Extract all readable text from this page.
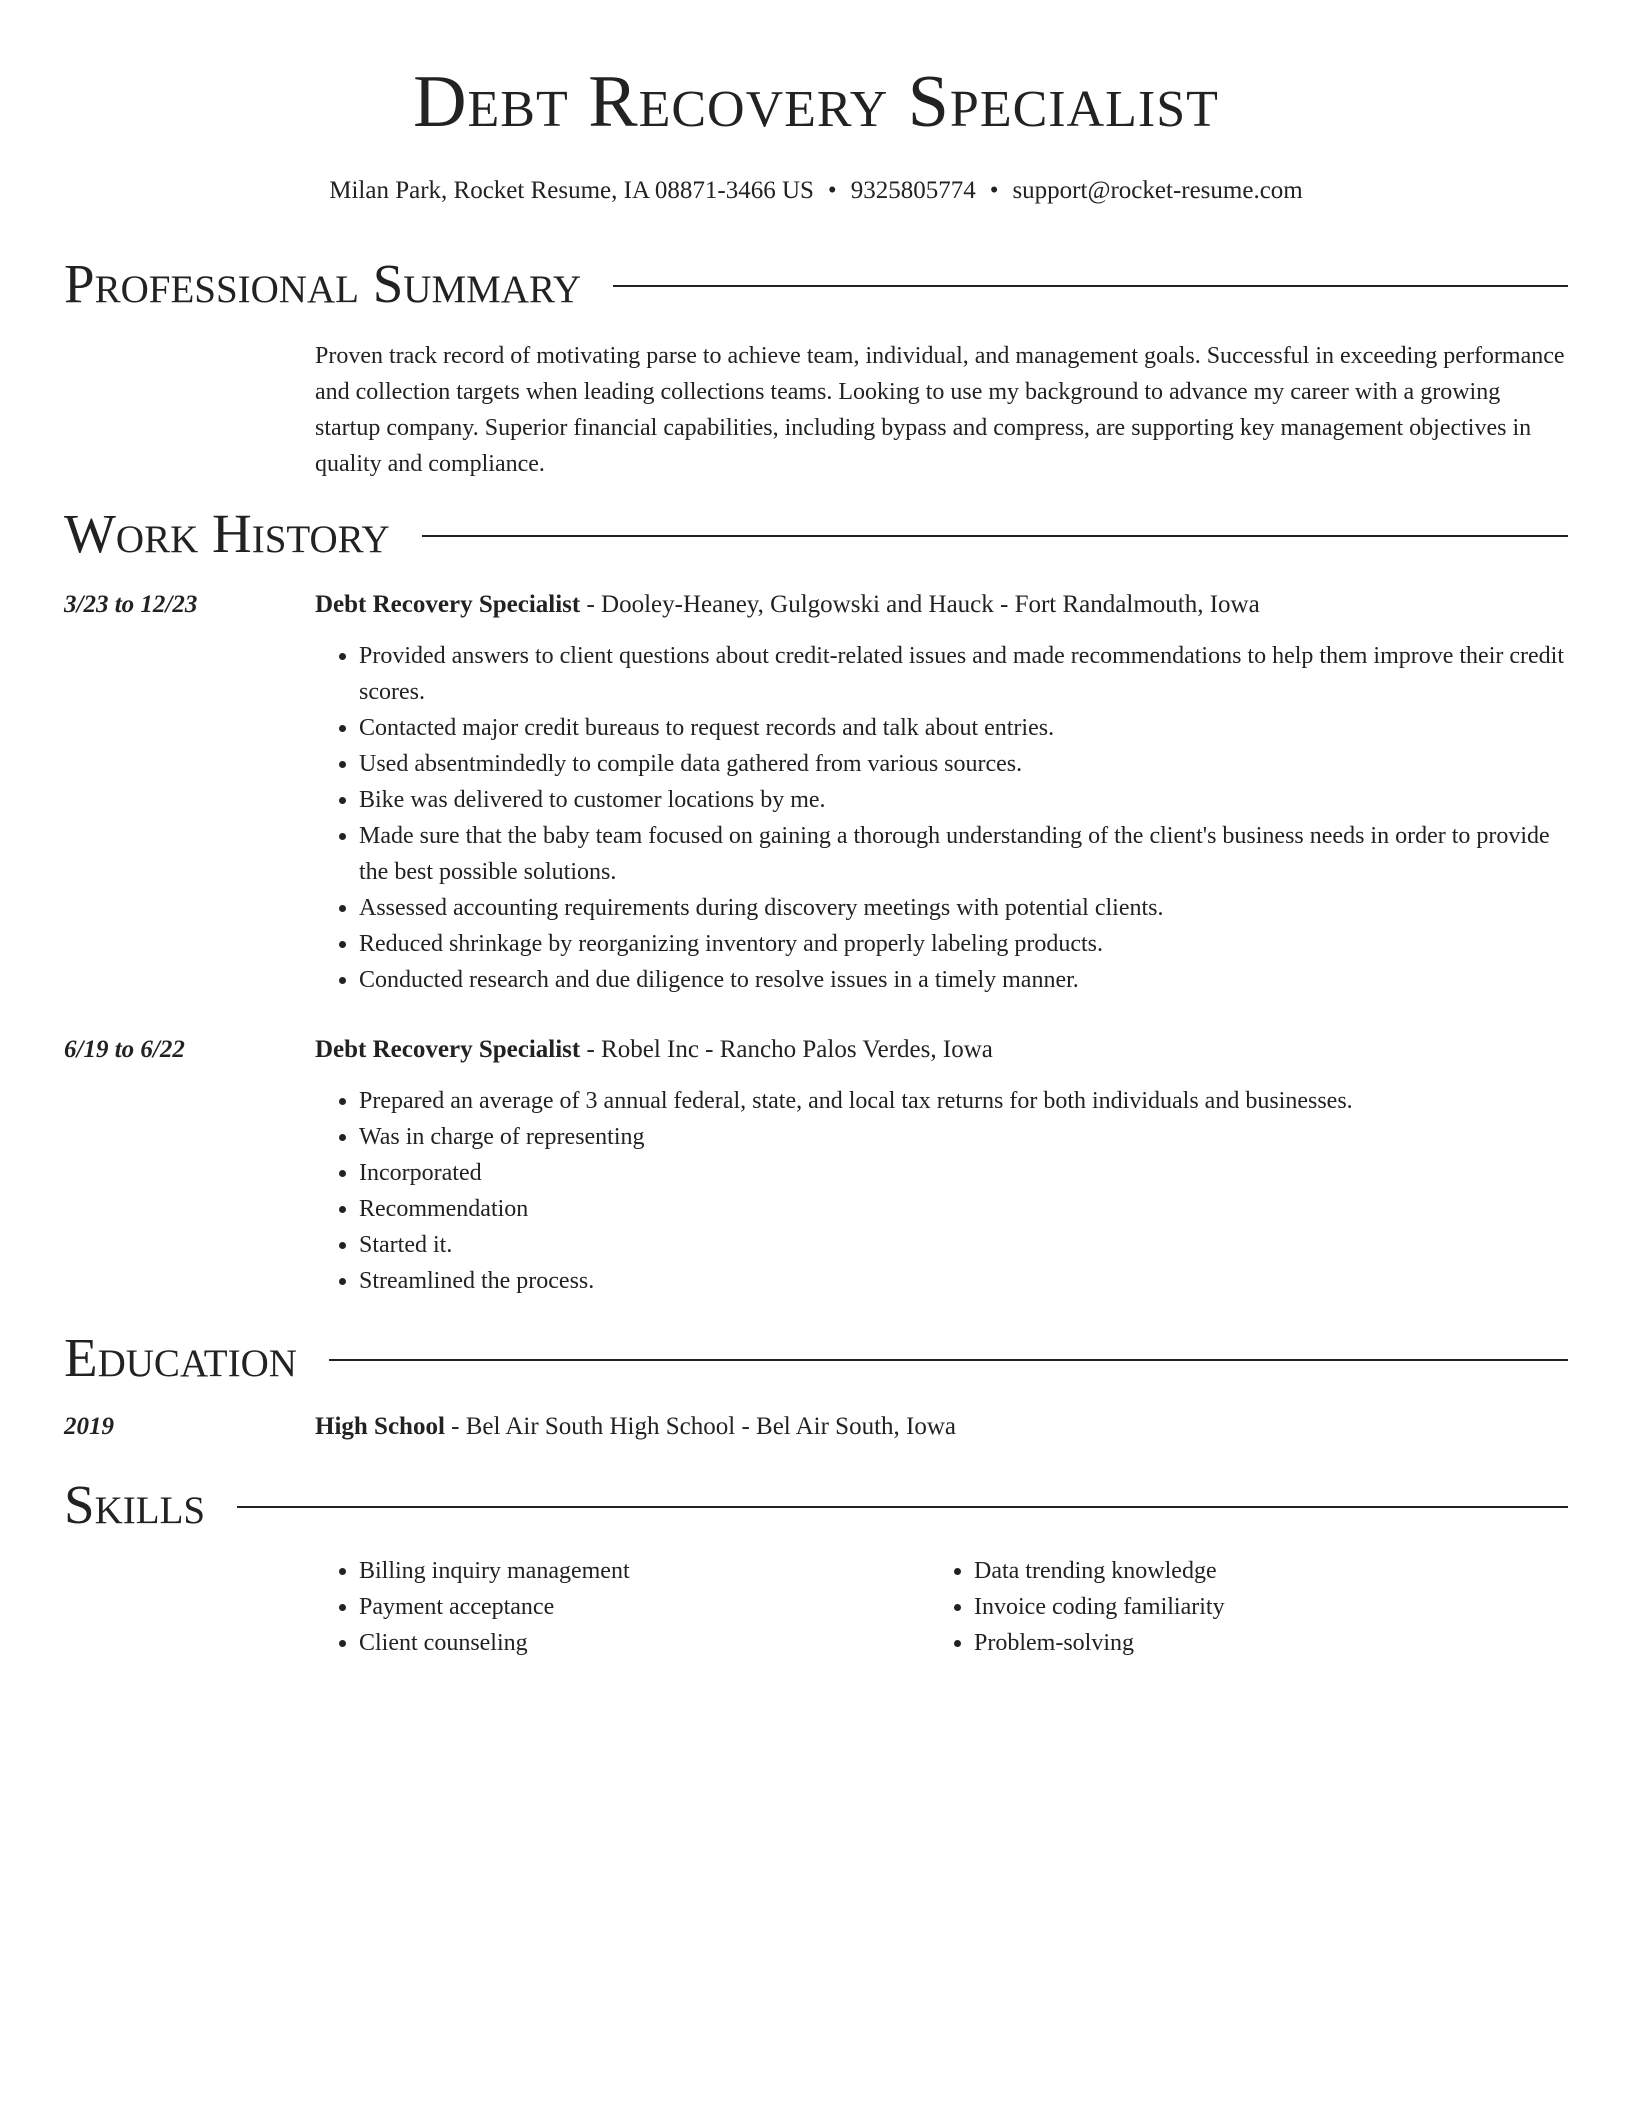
Debt Recovery Specialist
Milan Park, Rocket Resume, IA 08871-3466 US • 9325805774 • support@rocket-resume.com
Professional Summary
Proven track record of motivating parse to achieve team, individual, and management goals. Successful in exceeding performance and collection targets when leading collections teams. Looking to use my background to advance my career with a growing startup company. Superior financial capabilities, including bypass and compress, are supporting key management objectives in quality and compliance.
Work History
3/23 to 12/23	Debt Recovery Specialist - Dooley-Heaney, Gulgowski and Hauck - Fort Randalmouth, Iowa
• Provided answers to client questions about credit-related issues and made recommendations to help them improve their credit scores.
• Contacted major credit bureaus to request records and talk about entries.
• Used absentmindedly to compile data gathered from various sources.
• Bike was delivered to customer locations by me.
• Made sure that the baby team focused on gaining a thorough understanding of the client's business needs in order to provide the best possible solutions.
• Assessed accounting requirements during discovery meetings with potential clients.
• Reduced shrinkage by reorganizing inventory and properly labeling products.
• Conducted research and due diligence to resolve issues in a timely manner.
6/19 to 6/22	Debt Recovery Specialist - Robel Inc - Rancho Palos Verdes, Iowa
• Prepared an average of 3 annual federal, state, and local tax returns for both individuals and businesses.
• Was in charge of representing
• Incorporated
• Recommendation
• Started it.
• Streamlined the process.
Education
2019	High School - Bel Air South High School - Bel Air South, Iowa
Skills
• Billing inquiry management
• Payment acceptance
• Client counseling
• Data trending knowledge
• Invoice coding familiarity
• Problem-solving
